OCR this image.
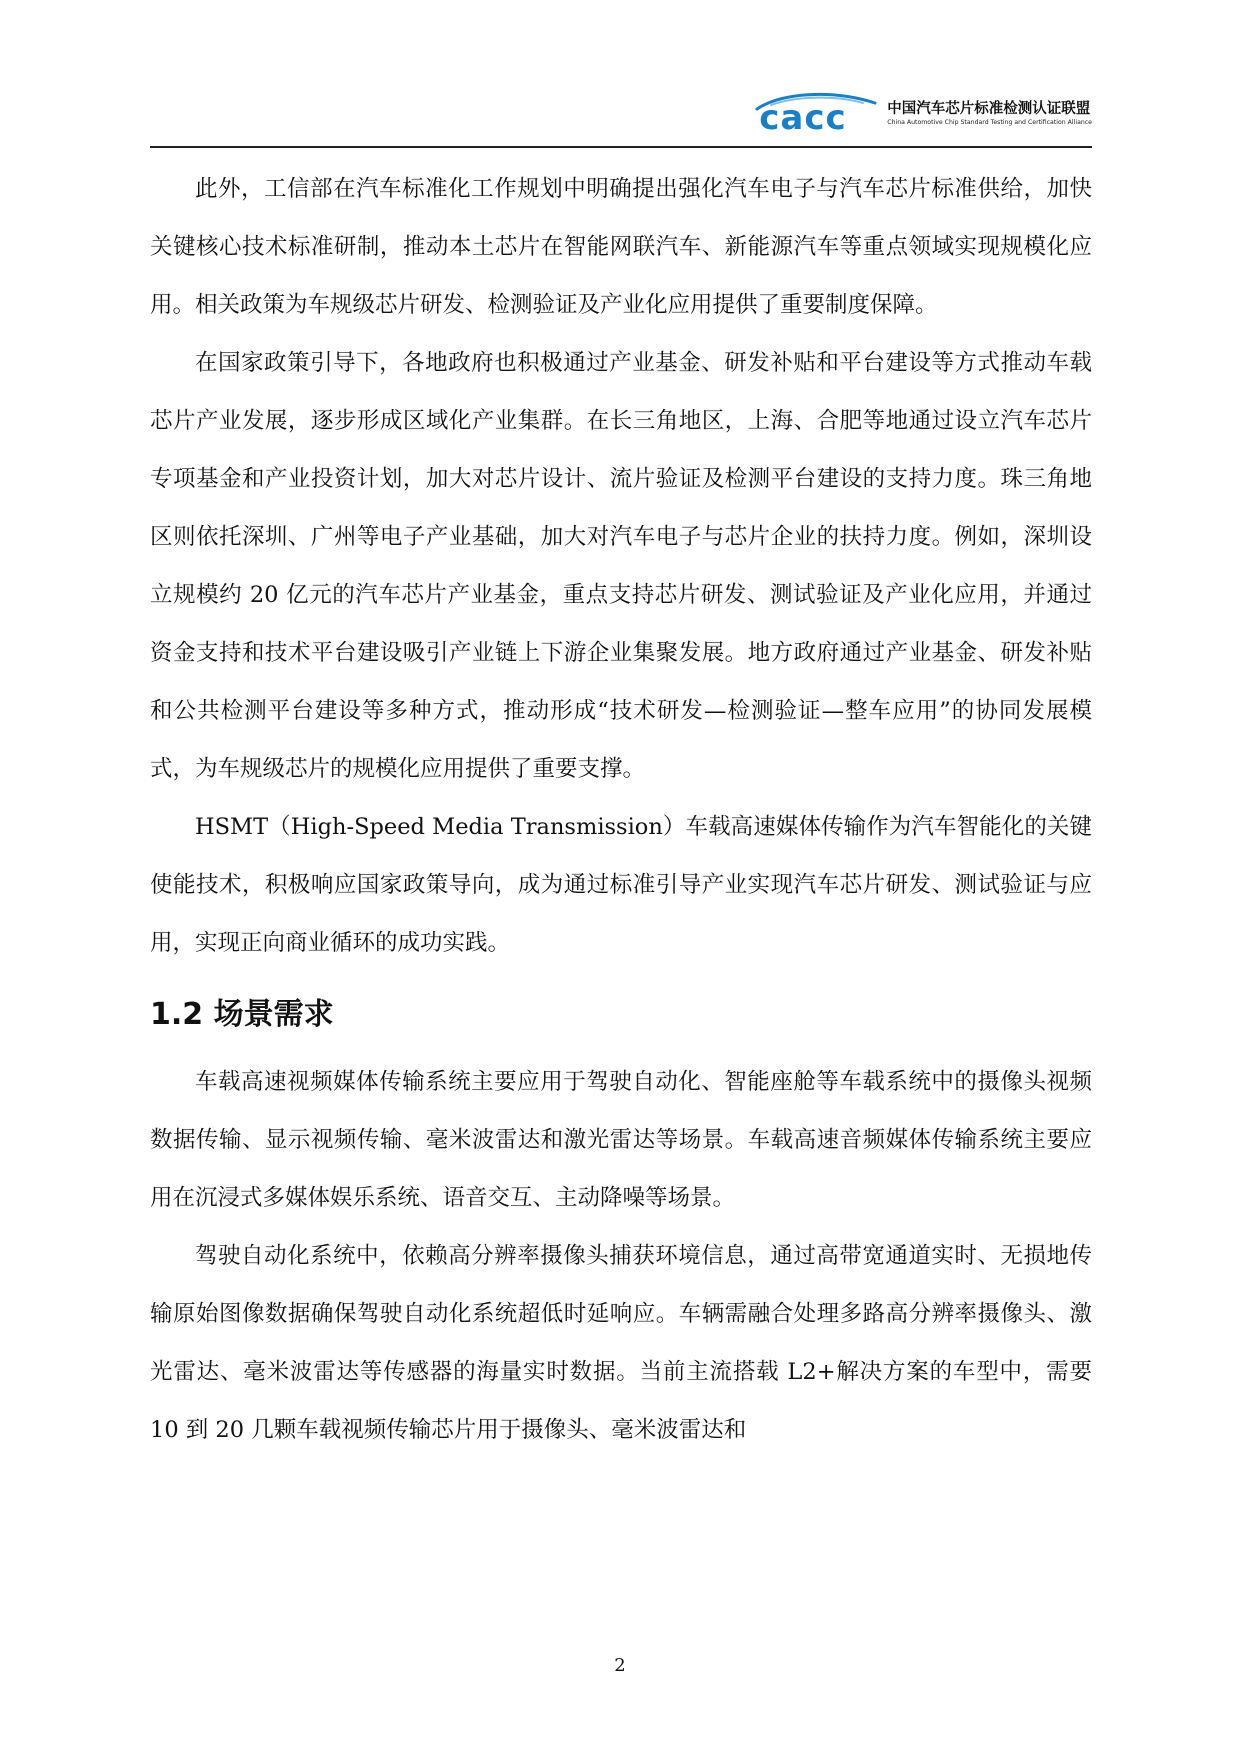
cacc	中国汽车芯片标准检测认证联盟
China Automotive Chip Standard Testing and Certification Alliance

此外，工信部在汽车标准化工作规划中明确提出强化汽车电子与汽车芯片标准供给，加快关键核心技术标准研制，推动本土芯片在智能网联汽车、新能源汽车等重点领域实现规模化应用。相关政策为车规级芯片研发、检测验证及产业化应用提供了重要制度保障。

在国家政策引导下，各地政府也积极通过产业基金、研发补贴和平台建设等方式推动车载芯片产业发展，逐步形成区域化产业集群。在长三角地区，上海、合肥等地通过设立汽车芯片专项基金和产业投资计划，加大对芯片设计、流片验证及检测平台建设的支持力度。珠三角地区则依托深圳、广州等电子产业基础，加大对汽车电子与芯片企业的扶持力度。例如，深圳设立规模约 20 亿元的汽车芯片产业基金，重点支持芯片研发、测试验证及产业化应用，并通过资金支持和技术平台建设吸引产业链上下游企业集聚发展。地方政府通过产业基金、研发补贴和公共检测平台建设等多种方式，推动形成“技术研发—检测验证—整车应用”的协同发展模式，为车规级芯片的规模化应用提供了重要支撑。

HSMT（High-Speed Media Transmission）车载高速媒体传输作为汽车智能化的关键使能技术，积极响应国家政策导向，成为通过标准引导产业实现汽车芯片研发、测试验证与应用，实现正向商业循环的成功实践。

1.2 场景需求

车载高速视频媒体传输系统主要应用于驾驶自动化、智能座舱等车载系统中的摄像头视频数据传输、显示视频传输、毫米波雷达和激光雷达等场景。车载高速音频媒体传输系统主要应用在沉浸式多媒体娱乐系统、语音交互、主动降噪等场景。

驾驶自动化系统中，依赖高分辨率摄像头捕获环境信息，通过高带宽通道实时、无损地传输原始图像数据确保驾驶自动化系统超低时延响应。车辆需融合处理多路高分辨率摄像头、激光雷达、毫米波雷达等传感器的海量实时数据。当前主流搭载 L2+解决方案的车型中，需要 10 到 20 几颗车载视频传输芯片用于摄像头、毫米波雷达和

2
